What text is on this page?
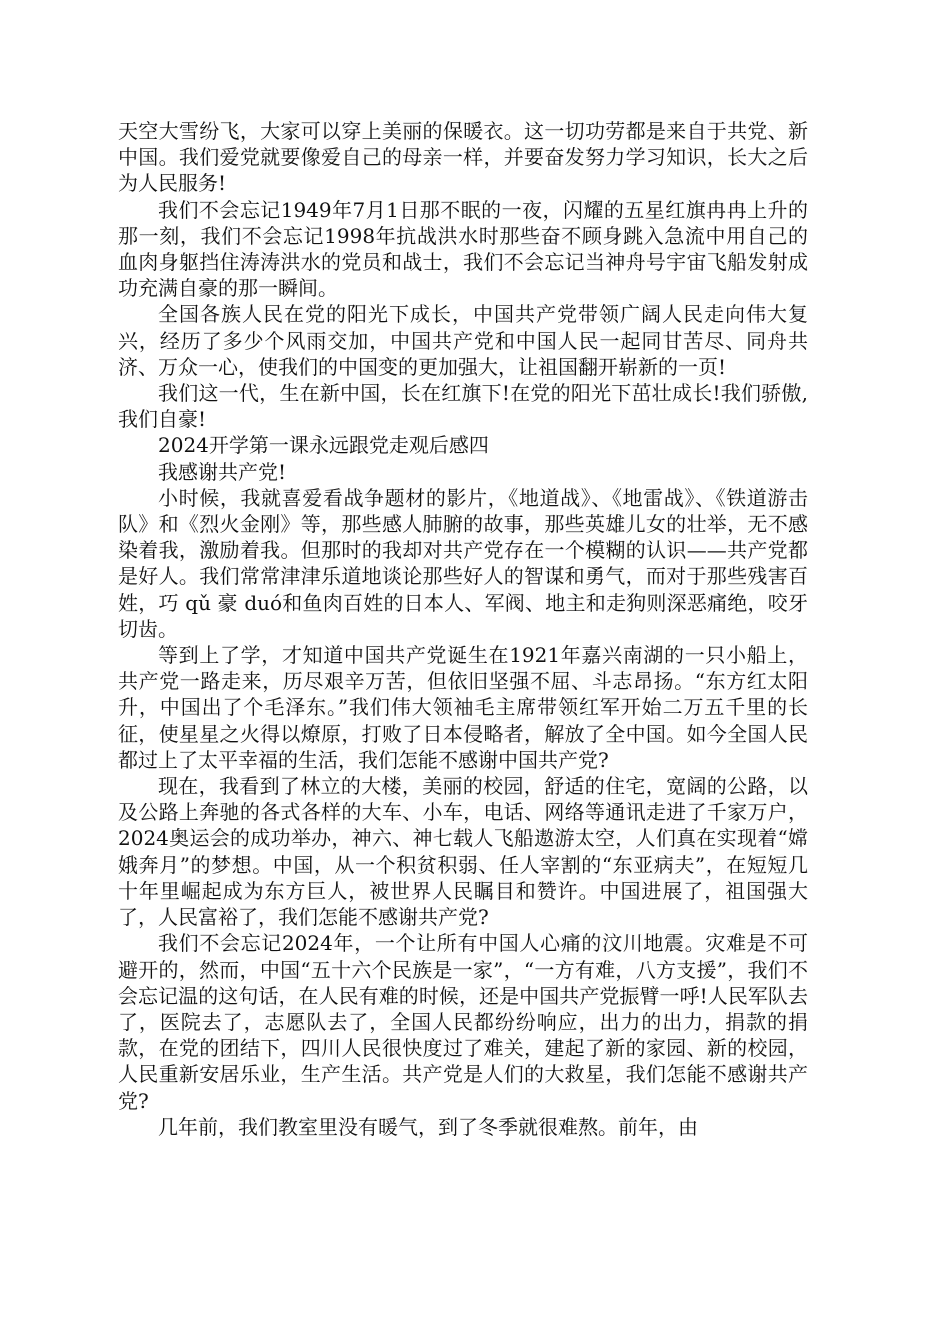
天空大雪纷飞，大家可以穿上美丽的保暖衣。这一切功劳都是来自于共党、新中国。我们爱党就要像爱自己的母亲一样，并要奋发努力学习知识，长大之后为人民服务!

我们不会忘记1949年7月1日那不眠的一夜，闪耀的五星红旗冉冉上升的那一刻，我们不会忘记1998年抗战洪水时那些奋不顾身跳入急流中用自己的血肉身躯挡住涛涛洪水的党员和战士，我们不会忘记当神舟号宇宙飞船发射成功充满自豪的那一瞬间。

全国各族人民在党的阳光下成长，中国共产党带领广阔人民走向伟大复兴，经历了多少个风雨交加，中国共产党和中国人民一起同甘苦尽、同舟共济、万众一心，使我们的中国变的更加强大，让祖国翻开崭新的一页!

我们这一代，生在新中国，长在红旗下!在党的阳光下茁壮成长!我们骄傲,我们自豪!

2024开学第一课永远跟党走观后感四

我感谢共产党!

小时候，我就喜爱看战争题材的影片，《地道战》、《地雷战》、《铁道游击队》和《烈火金刚》等，那些感人肺腑的故事，那些英雄儿女的壮举，无不感染着我，激励着我。但那时的我却对共产党存在一个模糊的认识——共产党都是好人。我们常常津津乐道地谈论那些好人的智谋和勇气，而对于那些残害百姓，巧 qǔ 豪 duó和鱼肉百姓的日本人、军阀、地主和走狗则深恶痛绝，咬牙切齿。

等到上了学，才知道中国共产党诞生在1921年嘉兴南湖的一只小船上，共产党一路走来，历尽艰辛万苦，但依旧坚强不屈、斗志昂扬。“东方红太阳升，中国出了个毛泽东。”我们伟大领袖毛主席带领红军开始二万五千里的长征，使星星之火得以燎原，打败了日本侵略者，解放了全中国。如今全国人民都过上了太平幸福的生活，我们怎能不感谢中国共产党?

现在，我看到了林立的大楼，美丽的校园，舒适的住宅，宽阔的公路，以及公路上奔驰的各式各样的大车、小车，电话、网络等通讯走进了千家万户，2024奥运会的成功举办，神六、神七载人飞船遨游太空，人们真在实现着“嫦娥奔月”的梦想。中国，从一个积贫积弱、任人宰割的“东亚病夫”，在短短几十年里崛起成为东方巨人，被世界人民瞩目和赞许。中国进展了，祖国强大了，人民富裕了，我们怎能不感谢共产党?

我们不会忘记2024年，一个让所有中国人心痛的汶川地震。灾难是不可避开的，然而，中国“五十六个民族是一家”，“一方有难，八方支援”，我们不会忘记温的这句话，在人民有难的时候，还是中国共产党振臂一呼!人民军队去了，医院去了，志愿队去了，全国人民都纷纷响应，出力的出力，捐款的捐款，在党的团结下，四川人民很快度过了难关，建起了新的家园、新的校园，人民重新安居乐业，生产生活。共产党是人们的大救星，我们怎能不感谢共产党?

几年前，我们教室里没有暖气，到了冬季就很难熬。前年，由
